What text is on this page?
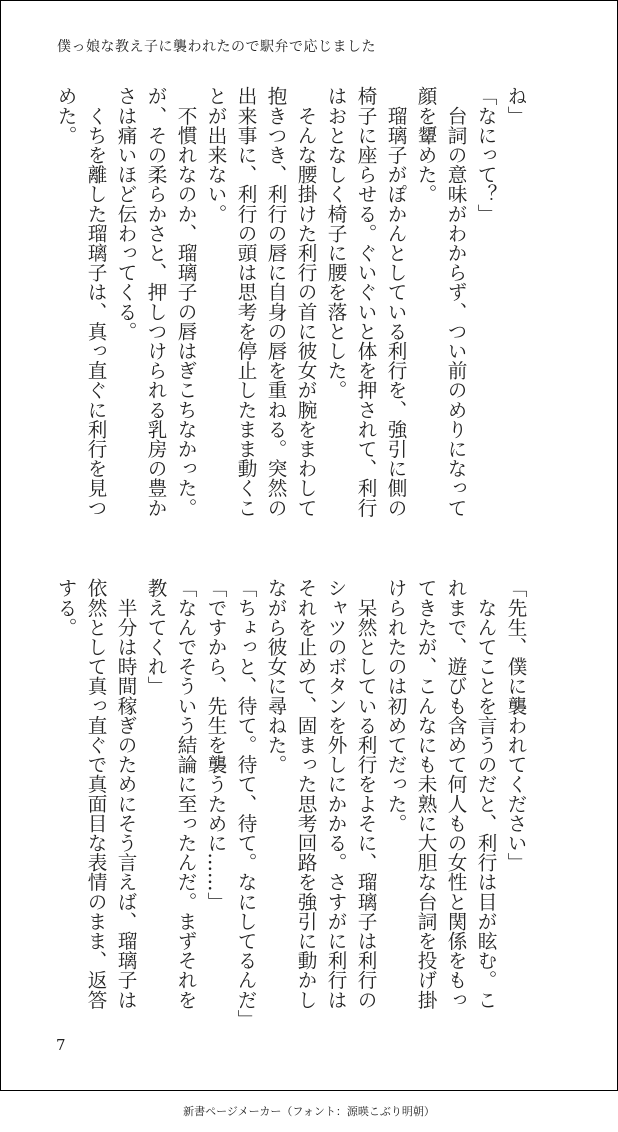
僕っ娘な教え子に襲われたので駅弁で応じました
ね」
「なにって？」
　台詞の意味がわからず、つい前のめりになって
顔を顰めた。
　瑠璃子がぽかんとしている利行を、強引に側の
椅子に座らせる。ぐいぐいと体を押されて、利行
はおとなしく椅子に腰を落とした。
　そんな腰掛けた利行の首に彼女が腕をまわして
抱きつき、利行の唇に自身の唇を重ねる。突然の
出来事に、利行の頭は思考を停止したまま動くこ
とが出来ない。
　不慣れなのか、瑠璃子の唇はぎこちなかった。
が、その柔らかさと、押しつけられる乳房の豊か
さは痛いほど伝わってくる。
　くちを離した瑠璃子は、真っ直ぐに利行を見つ
めた。
「先生、僕に襲われてください」
　なんてことを言うのだと、利行は目が眩む。こ
れまで、遊びも含めて何人もの女性と関係をもっ
てきたが、こんなにも未熟に大胆な台詞を投げ掛
けられたのは初めてだった。
　呆然としている利行をよそに、瑠璃子は利行の
シャツのボタンを外しにかかる。さすがに利行は
それを止めて、固まった思考回路を強引に動かし
ながら彼女に尋ねた。
「ちょっと、待て。待て、待て。なにしてるんだ」
「ですから、先生を襲うために……」
「なんでそういう結論に至ったんだ。まずそれを
教えてくれ」
　半分は時間稼ぎのためにそう言えば、瑠璃子は
依然として真っ直ぐで真面目な表情のまま、返答
する。
7
新書ページメーカー（フォント：源暎こぶり明朝）
